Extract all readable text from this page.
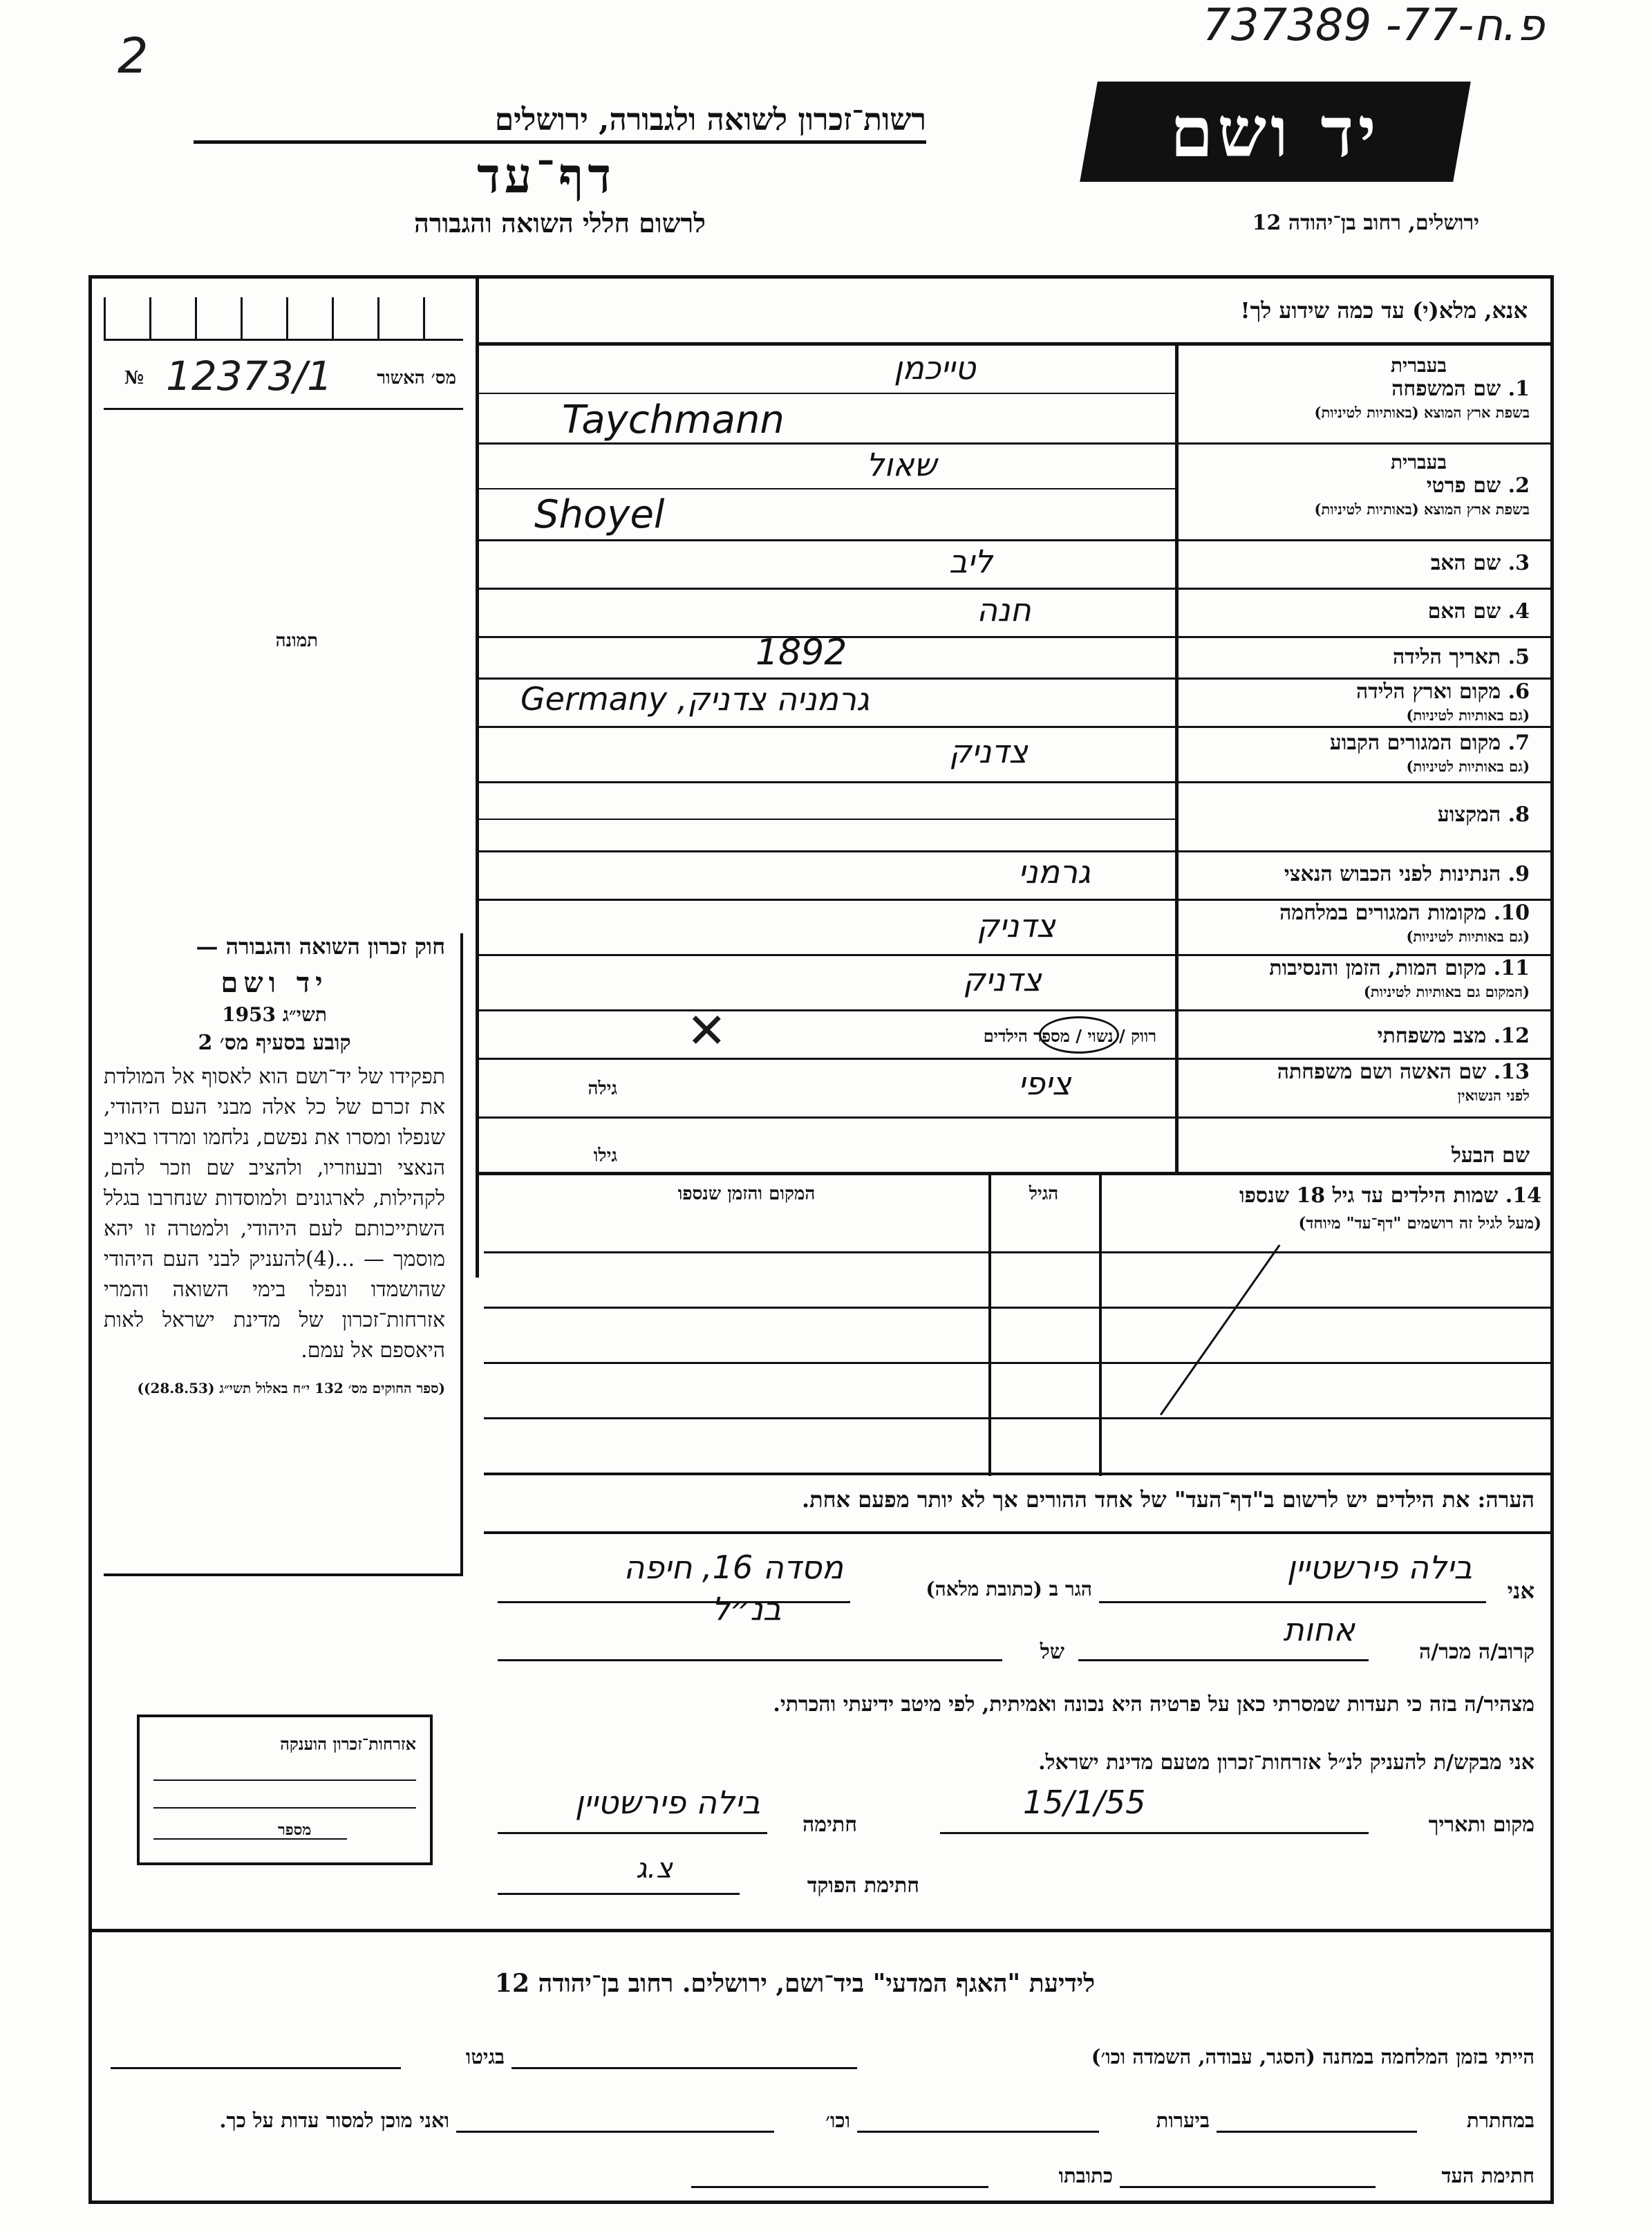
2
פ.ח-77- 737389
רשות־זכרון לשואה ולגבורה, ירושלים
דף־עד
לרשום חללי השואה והגבורה
יד ושם
ירושלים, רחוב בן־יהודה 12
מס׳ האשור
№ 12373/1
תמונה
חוק זכרון השואה והגבורה —
יד ושם
תשי״ג 1953
קובע בסעיף מס׳ 2
תפקידו של יד־ושם הוא לאסוף אל המולדת את זכרם של כל אלה מבני העם היהודי, שנפלו ומסרו את נפשם, נלחמו ומרדו באויב הנאצי ובעוזריו, ולהציב שם וזכר להם, לקהילות, לארגונים ולמוסדות שנחרבו בגלל השתייכותם לעם היהודי, ולמטרה זו יהא מוסמך — ...(4)להעניק לבני העם היהודי שהושמדו ונפלו בימי השואה והמרי אזרחות־זכרון של מדינת ישראל לאות היאספם אל עמם.
(ספר החוקים מס׳ 132 י״ח באלול תשי״ג (28.8.53))
אנא, מלא(י) עד כמה שידוע לך!
בעברית
1. שם המשפחה
בשפת ארץ המוצא (באותיות לטיניות)
טייכמן
Taychmann
בעברית
2. שם פרטי
בשפת ארץ המוצא (באותיות לטיניות)
שאול
Shoyel
3. שם האב
ליב
4. שם האם
חנה
5. תאריך הלידה
1892
6. מקום וארץ הלידה
(גם באותיות לטיניות)
Germany ,גרמניה צדניק
7. מקום המגורים הקבוע
(גם באותיות לטיניות)
צדניק
8. המקצוע
9. הנתינות לפני הכבוש הנאצי
גרמני
10. מקומות המגורים במלחמה
(גם באותיות לטיניות)
צדניק
11. מקום המות, הזמן והנסיבות
(המקום גם באותיות לטיניות)
צדניק
12. מצב משפחתי
רווק / נשוי / מספר הילדים
✕
13. שם האשה ושם משפחתה
לפני הנשואין
ציפי
גילה
שם הבעל
גילו
14. שמות הילדים עד גיל 18 שנספו
(מעל לגיל זה רושמים "דף־עד" מיוחד)
הגיל
המקום והזמן שנספו
הערה: את הילדים יש לרשום ב"דף־העד" של אחד ההורים אך לא יותר מפעם אחת.
אני
בילה פירשטיין
הגר ב (כתובת מלאה)
מסדה 16, חיפה
קרוב/ה מכר/ה
אחות
של
בנ״ל
מצהיר/ה בזה כי תעדות שמסרתי כאן על פרטיה היא נכונה ואמיתית, לפי מיטב ידיעתי והכרתי.
אני מבקש/ת להעניק לנ״ל אזרחות־זכרון מטעם מדינת ישראל.
מקום ותאריך
15/1/55
חתימה
בילה פירשטיין
חתימת הפוקד
צ.ג
אזרחות־זכרון הוענקה
מספר
לידיעת "האגף המדעי" ביד־ושם, ירושלים. רחוב בן־יהודה 12
הייתי בזמן המלחמה במחנה (הסגר, עבודה, השמדה וכו׳)
בגיטו
במחתרת
ביערות
וכו׳
ואני מוכן למסור עדות על כך.
חתימת העד
כתובתו
